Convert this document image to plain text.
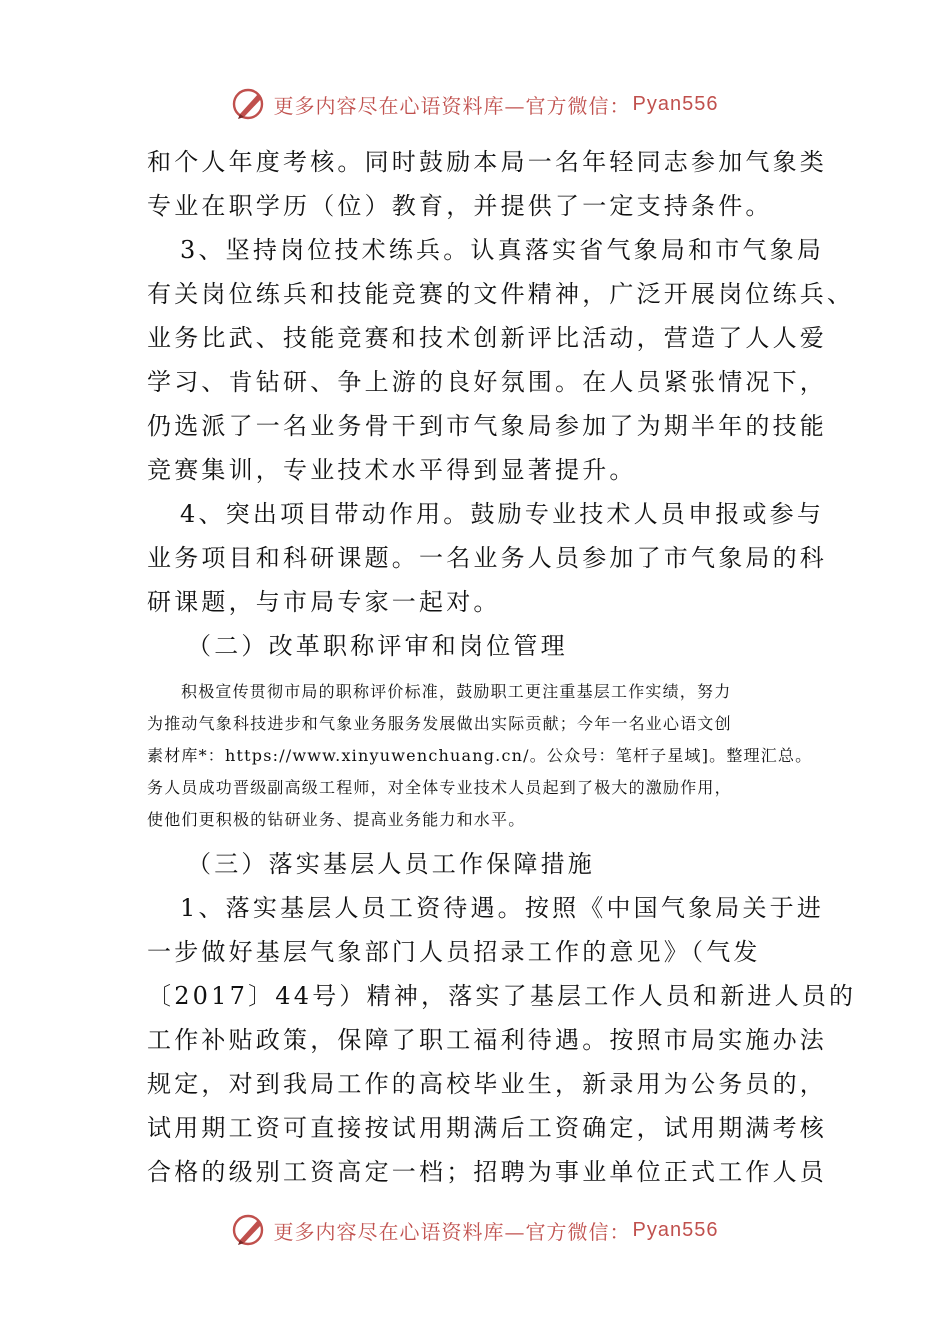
更多内容尽在心语资料库—官方微信： Pyan556
和个人年度考核。同时鼓励本局一名年轻同志参加气象类
专业在职学历（位）教育，并提供了一定支持条件。
3、坚持岗位技术练兵。认真落实省气象局和市气象局
有关岗位练兵和技能竞赛的文件精神，广泛开展岗位练兵、
业务比武、技能竞赛和技术创新评比活动，营造了人人爱
学习、肯钻研、争上游的良好氛围。在人员紧张情况下，
仍选派了一名业务骨干到市气象局参加了为期半年的技能
竞赛集训，专业技术水平得到显著提升。
4、突出项目带动作用。鼓励专业技术人员申报或参与
业务项目和科研课题。一名业务人员参加了市气象局的科
研课题，与市局专家一起对。
（二）改革职称评审和岗位管理
积极宣传贯彻市局的职称评价标准，鼓励职工更注重基层工作实绩，努力
为推动气象科技进步和气象业务服务发展做出实际贡献；今年一名业心语文创
素材库*：https://www.xinyuwenchuang.cn/。公众号：笔杆子星域]。整理汇总。
务人员成功晋级副高级工程师，对全体专业技术人员起到了极大的激励作用，
使他们更积极的钻研业务、提高业务能力和水平。
（三）落实基层人员工作保障措施
1、落实基层人员工资待遇。按照《中国气象局关于进
一步做好基层气象部门人员招录工作的意见》（气发
〔2017〕44号）精神，落实了基层工作人员和新进人员的
工作补贴政策，保障了职工福利待遇。按照市局实施办法
规定，对到我局工作的高校毕业生，新录用为公务员的，
试用期工资可直接按试用期满后工资确定，试用期满考核
合格的级别工资高定一档；招聘为事业单位正式工作人员
更多内容尽在心语资料库—官方微信： Pyan556
